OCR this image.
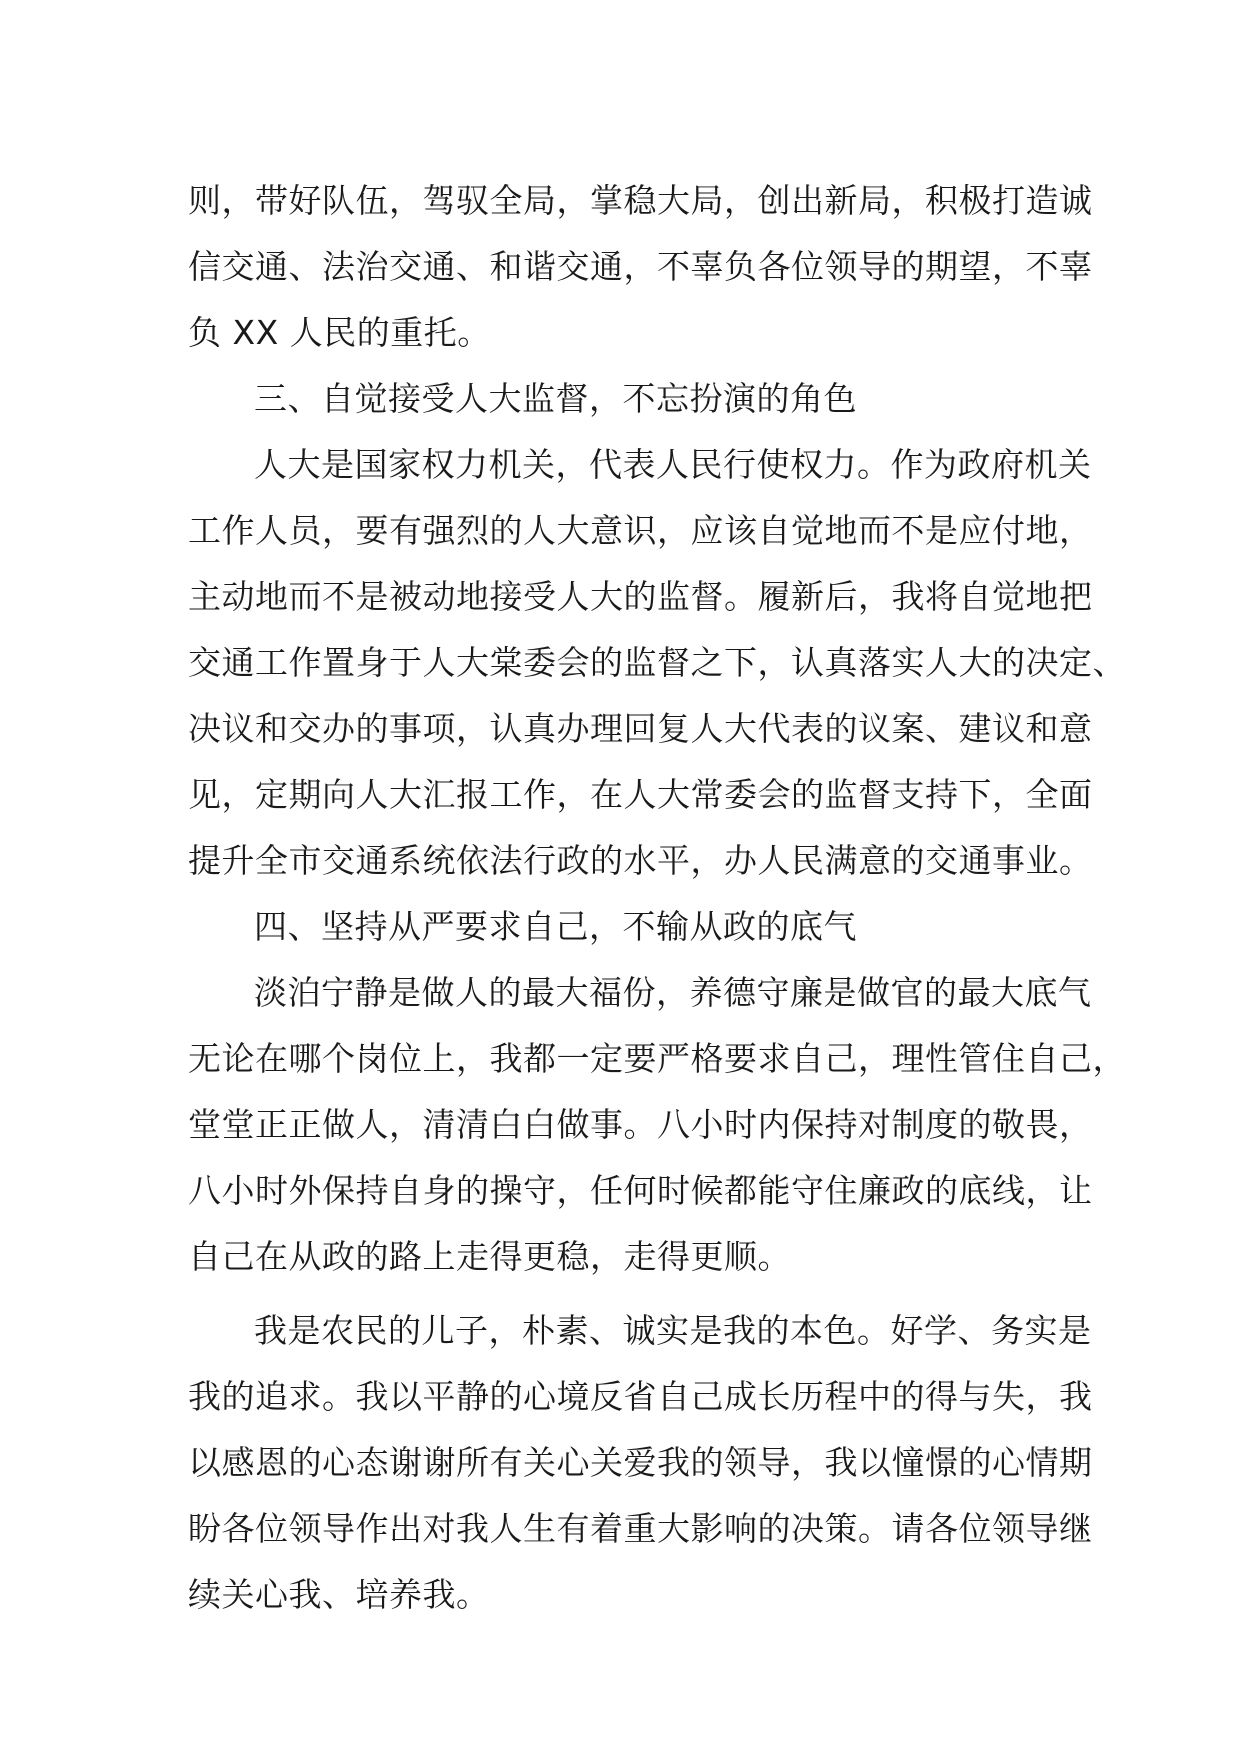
则，带好队伍，驾驭全局，掌稳大局，创出新局，积极打造诚
信交通、法治交通、和谐交通，不辜负各位领导的期望，不辜
负 XX 人民的重托。
三、自觉接受人大监督，不忘扮演的角色
人大是国家权力机关，代表人民行使权力。作为政府机关
工作人员，要有强烈的人大意识，应该自觉地而不是应付地，
主动地而不是被动地接受人大的监督。履新后，我将自觉地把
交通工作置身于人大棠委会的监督之下，认真落实人大的决定、
决议和交办的事项，认真办理回复人大代表的议案、建议和意
见，定期向人大汇报工作，在人大常委会的监督支持下，全面
提升全市交通系统依法行政的水平，办人民满意的交通事业。
四、坚持从严要求自己，不输从政的底气
淡泊宁静是做人的最大福份，养德守廉是做官的最大底气
无论在哪个岗位上，我都一定要严格要求自己，理性管住自己，
堂堂正正做人，清清白白做事。八小时内保持对制度的敬畏，
八小时外保持自身的操守，任何时候都能守住廉政的底线，让
自己在从政的路上走得更稳，走得更顺。
我是农民的儿子，朴素、诚实是我的本色。好学、务实是
我的追求。我以平静的心境反省自己成长历程中的得与失，我
以感恩的心态谢谢所有关心关爱我的领导，我以憧憬的心情期
盼各位领导作出对我人生有着重大影响的决策。请各位领导继
续关心我、培养我。
